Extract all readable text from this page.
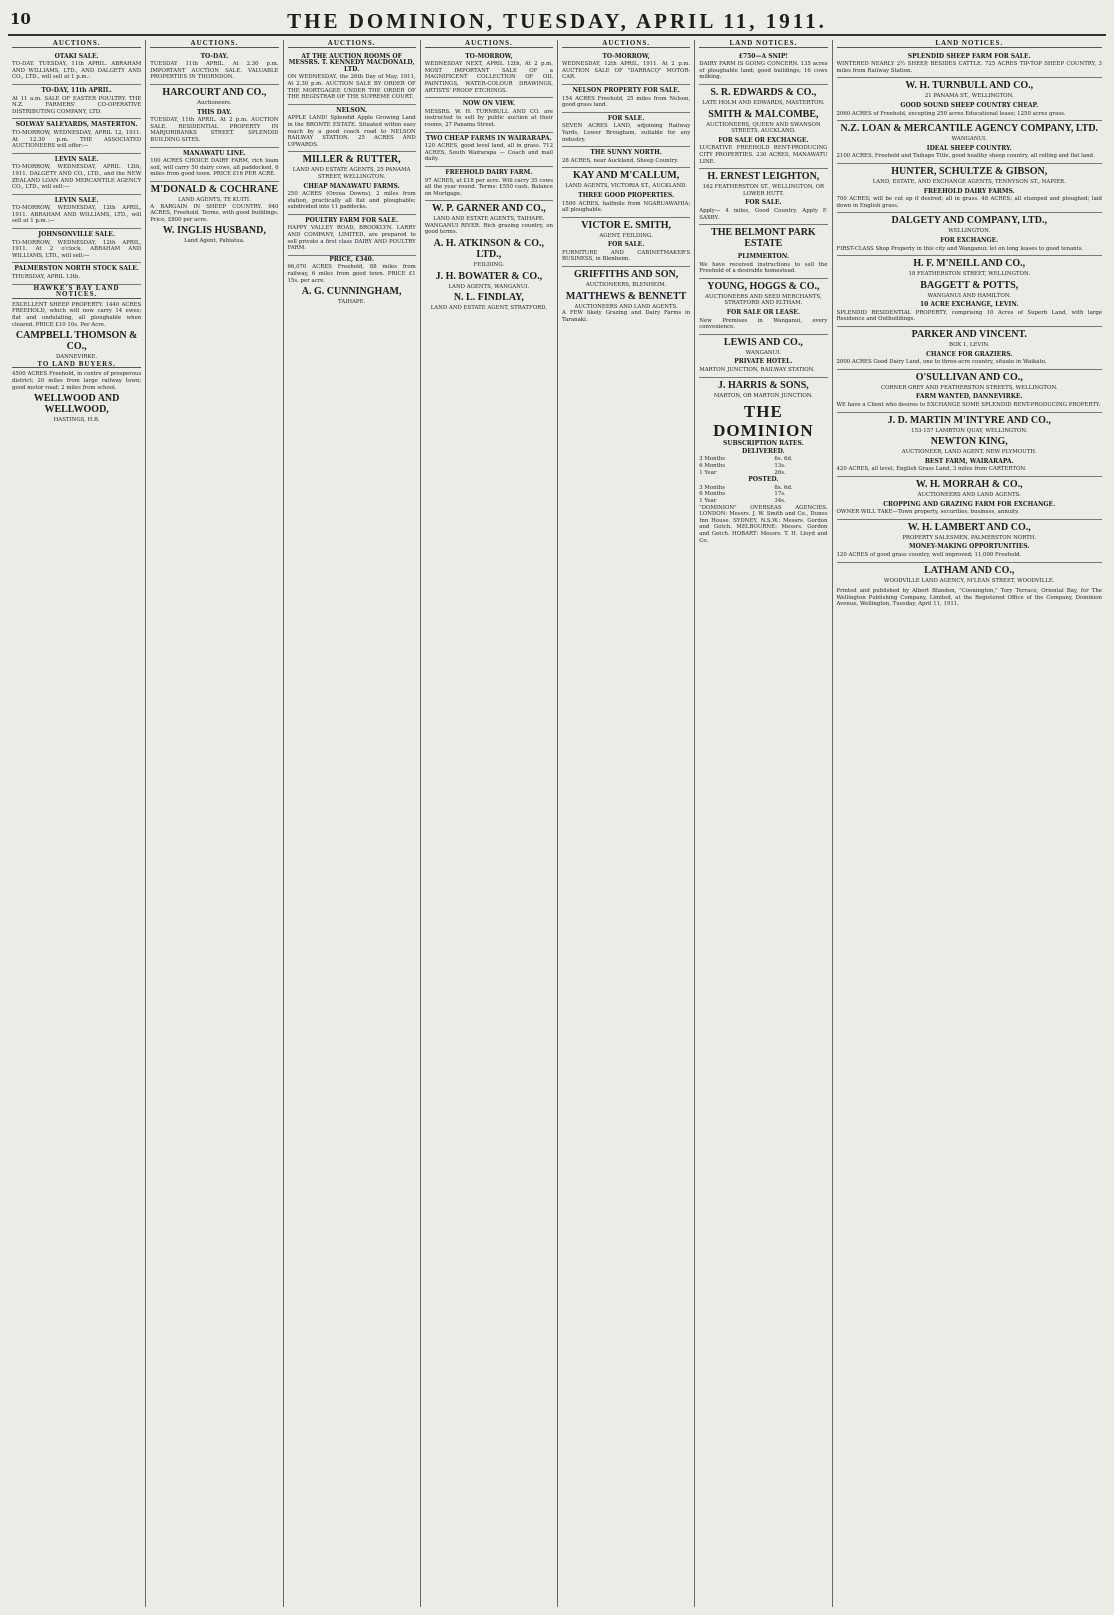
10	THE DOMINION, TUESDAY, APRIL 11, 1911.
AUCTIONS.
OTAKI SALE.
TO-DAY. TUESDAY, 11th APRIL. ABRAHAM AND WILLIAMS, LTD., AND DALGETY AND CO., LTD., will sell at 1 p.m.:
TO-DAY, 11th APRIL.
At 11 a.m. SALE OF EASTER POULTRY. THE N.Z. FARMERS' CO-OPERATIVE DISTRIBUTING COMPANY, LTD.
SOLWAY SALEYARDS, MASTERTON.
TO-MORROW, WEDNESDAY, APRIL 12, 1911. At 12.30 p.m. THE ASSOCIATED AUCTIONEERS will offer:—
LEVIN SALE.
TO-MORROW, WEDNESDAY, APRIL 12th, 1911. DALGETY AND CO., LTD., and the NEW ZEALAND LOAN AND MERCANTILE AGENCY CO., LTD., will sell:—
LEVIN SALE.
TO-MORROW, WEDNESDAY, 12th APRIL, 1911. ABRAHAM AND WILLIAMS, LTD., will sell at 1 p.m.:—
JOHNSONVILLE SALE.
TO-MORROW, WEDNESDAY, 12th APRIL, 1911. At 2 o'clock. ABRAHAM AND WILLIAMS, LTD., will sell:—
PALMERSTON NORTH STOCK SALE.
THURSDAY, APRIL 13th.
HAWKE'S BAY LAND NOTICES.
EXCELLENT SHEEP PROPERTY. 1440 ACRES FREEHOLD, which will now carry 14 ewes; flat and undulating, all ploughable when cleared. PRICE £10 10s. Per Acre.
CAMPBELL THOMSON & CO.,
DANNEVIRKE.
TO LAND BUYERS.
4500 ACRES Freehold, in centre of prosperous district; 20 miles from large railway town; good motor road; 2 miles from school.
WELLWOOD AND WELLWOOD,
HASTINGS, H.B.
AUCTIONS.
TO-DAY.
TUESDAY 11th APRIL. At 2.30 p.m. IMPORTANT AUCTION SALE. VALUABLE PROPERTIES IN THORNDON.
HARCOURT AND CO.,
Auctioneers.
THIS DAY.
TUESDAY, 11th APRIL. At 2 p.m. AUCTION SALE. RESIDENTIAL PROPERTY IN MARJORIBANKS STREET. SPLENDID BUILDING SITES.
MANAWATU LINE.
100 ACRES CHOICE DAIRY FARM, rich loam soil, will carry 50 dairy cows, all paddocked, 6 miles from good town. PRICE £16 PER ACRE.
M'DONALD & COCHRANE
LAND AGENTS, TE KUITI.
A BARGAIN IN SHEEP COUNTRY. 940 ACRES, Freehold. Terms, with good buildings. Price, £800 per acre.
W. INGLIS HUSBAND,
Land Agent, Pahiatua.
AUCTIONS.
AT THE AUCTION ROOMS OF MESSRS. T. KENNEDY MACDONALD, LTD.
ON WEDNESDAY, the 26th Day of May, 1911, At 2.30 p.m. AUCTION SALE BY ORDER OF THE MORTGAGEE UNDER THE ORDER OF THE REGISTRAR OF THE SUPREME COURT.
NELSON.
APPLE LAND! Splendid Apple Growing Land in the BRONTE ESTATE. Situated within easy reach by a good coach road to NELSON RAILWAY STATION. 25 ACRES AND UPWARDS.
MILLER & RUTTER,
LAND AND ESTATE AGENTS, 25 PANAMA STREET, WELLINGTON.
CHEAP MANAWATU FARMS.
250 ACRES (Oroua Downs), 2 miles from station, practically all flat and ploughable; subdivided into 11 paddocks.
POULTRY FARM FOR SALE.
HAPPY VALLEY ROAD, BROOKLYN. LARRY AND COMPANY, LIMITED, are prepared to sell private a first class DAIRY AND POULTRY FARM.
PRICE, £340.
66,070 ACRES Freehold, 88 miles from railway, 6 miles from good town. PRICE £1 15s. per acre.
A. G. CUNNINGHAM,
TAIHAPE.
AUCTIONS.
TO-MORROW,
WEDNESDAY NEXT, APRIL 12th, At 2 p.m. MOST IMPORTANT SALE OF a MAGNIFICENT COLLECTION OF OIL PAINTINGS, WATER-COLOUR DRAWINGS, ARTISTS' PROOF ETCHINGS.
NOW ON VIEW.
MESSRS. W. H. TURNBULL AND CO. are instructed to sell by public auction at their rooms, 27 Panama Street.
TWO CHEAP FARMS IN WAIRARAPA.
120 ACRES, good level land, all in grass. 712 ACRES, South Wairarapa — Coach and mail daily.
FREEHOLD DAIRY FARM.
97 ACRES, at £18 per acre. Will carry 35 cows all the year round. Terms: £550 cash. Balance on Mortgage.
W. P. GARNER AND CO.,
LAND AND ESTATE AGENTS, TAIHAPE.
WANGANUI RIVER. Rich grazing country, on good terms.
A. H. ATKINSON & CO., LTD.,
FEILDING.
J. H. BOWATER & CO.,
LAND AGENTS, WANGANUI.
N. L. FINDLAY,
LAND AND ESTATE AGENT, STRATFORD.
AUCTIONS.
TO-MORROW,
WEDNESDAY, 12th APRIL, 1911. At 2 p.m. AUCTION SALE OF "DARRACQ" MOTOR-CAR.
NELSON PROPERTY FOR SALE.
154 ACRES Freehold, 25 miles from Nelson, good grass land.
FOR SALE.
SEVEN ACRES LAND, adjoining Railway Yards, Lower Brougham, suitable for any industry.
THE SUNNY NORTH.
28 ACRES, near Auckland, Sheep Country.
KAY AND M'CALLUM,
LAND AGENTS, VICTORIA ST., AUCKLAND.
THREE GOOD PROPERTIES.
1500 ACRES, halfmile from NGARUAWAHIA; all ploughable.
VICTOR E. SMITH,
AGENT, FEILDING.
FOR SALE.
FURNITURE AND CABINETMAKER'S BUSINESS, in Blenheim.
GRIFFITHS AND SON,
AUCTIONEERS, BLENHEIM.
MATTHEWS & BENNETT
AUCTIONEERS AND LAND AGENTS.
A FEW likely Grazing and Dairy Farms in Taranaki.
LAND NOTICES.
£750—A SNIP!
DAIRY FARM IS GOING CONCERN. 135 acres of ploughable land; good buildings; 16 cows milking.
S. R. EDWARDS & CO.,
LATE HOLM AND EDWARDS, MASTERTON.
SMITH & MALCOMBE,
AUCTIONEERS, QUEEN AND SWANSON STREETS, AUCKLAND.
FOR SALE OR EXCHANGE.
LUCRATIVE FREEHOLD RENT-PRODUCING CITY PROPERTIES. 230 ACRES, MANAWATU LINE.
H. ERNEST LEIGHTON,
162 FEATHERSTON ST., WELLINGTON, OR LOWER HUTT.
FOR SALE.
Apply— 4 miles, Good Country. Apply F. SAXBY.
THE BELMONT PARK ESTATE
PLIMMERTON.
We have received instructions to sell the Freehold of a desirable homestead.
YOUNG, HOGGS & CO.,
AUCTIONEERS AND SEED MERCHANTS, STRATFORD AND ELTHAM.
FOR SALE OR LEASE.
New Premises in Wanganui, every convenience.
LEWIS AND CO.,
WANGANUI.
PRIVATE HOTEL.
MARTON JUNCTION, RAILWAY STATION.
J. HARRIS & SONS,
MARTON, OR MARTON JUNCTION.
THE DOMINION
SUBSCRIPTION RATES.
DELIVERED.
3 Months	6s. 6d.
6 Months	13s.
1 Year	26s.
POSTED.
3 Months	8s. 6d.
6 Months	17s.
1 Year	34s.
"DOMINION" OVERSEAS AGENCIES. LONDON: Messrs. J. W. Smith and Co., Dunes Inn House. SYDNEY, N.S.W.: Messrs. Gordon and Gotch. MELBOURNE: Messrs. Gordon and Gotch. HOBART: Messrs. T. H. Lloyd and Co.
LAND NOTICES.
SPLENDID SHEEP FARM FOR SALE.
WINTERED NEARLY 2½ SHEEP, BESIDES CATTLE. 725 ACRES TIP-TOP SHEEP COUNTRY, 3 miles from Railway Station.
W. H. TURNBULL AND CO.,
21 PANAMA ST., WELLINGTON.
GOOD SOUND SHEEP COUNTRY CHEAP.
2060 ACRES of Freehold, excepting 250 acres Educational lease; 1250 acres grass.
N.Z. LOAN & MERCANTILE AGENCY COMPANY, LTD.
WANGANUI.
IDEAL SHEEP COUNTRY.
2100 ACRES, Freehold and Taihape Title, good healthy sheep country, all rolling and flat land.
HUNTER, SCHULTZE & GIBSON,
LAND, ESTATE, AND EXCHANGE AGENTS, TENNYSON ST., NAPIER.
FREEHOLD DAIRY FARMS.
700 ACRES; will be cut up if desired; all in grass. 48 ACRES; all stumped and ploughed; laid down in English grass.
DALGETY AND COMPANY, LTD.,
WELLINGTON.
FOR EXCHANGE.
FIRST-CLASS Shop Property in this city and Wanganui; let on long leases to good tenants.
H. F. M'NEILL AND CO.,
18 FEATHERSTON STREET, WELLINGTON.
BAGGETT & POTTS,
WANGANUI AND HAMILTON.
10 ACRE EXCHANGE, LEVIN.
SPLENDID RESIDENTIAL PROPERTY, comprising 10 Acres of Superb Land, with large Residence and Outbuildings.
PARKER AND VINCENT.
BOX 1, LEVIN.
CHANCE FOR GRAZIERS.
2000 ACRES Good Dairy Land, one to three-acre country, situate in Waikato.
O'SULLIVAN AND CO.,
CORNER GREY AND FEATHERSTON STREETS, WELLINGTON.
FARM WANTED, DANNEVIRKE.
WE have a Client who desires to EXCHANGE SOME SPLENDID RENT-PRODUCING PROPERTY.
J. D. MARTIN M'INTYRE AND CO.,
153-157 LAMBTON QUAY, WELLINGTON.
NEWTON KING,
AUCTIONEER, LAND AGENT, NEW PLYMOUTH.
BEST FARM, WAIRARAPA.
420 ACRES, all level, English Grass Land, 3 miles from CARTERTON.
W. H. MORRAH & CO.,
AUCTIONEERS AND LAND AGENTS.
CROPPING AND GRAZING FARM FOR EXCHANGE.
OWNER WILL TAKE—Town property, securities, business, annuity.
W. H. LAMBERT AND CO.,
PROPERTY SALESMEN, PALMERSTON NORTH.
MONEY-MAKING OPPORTUNITIES.
120 ACRES of good grass country, well improved; 11,000 Freehold.
LATHAM AND CO.,
WOODVILLE LAND AGENCY, M'LEAN STREET, WOODVILLE.
Printed and published by Albert Blandon, "Coonington," Tory Terrace, Oriental Bay, for The Wellington Publishing Company, Limited, at the Registered Office of the Company, Dominion Avenue, Wellington, Tuesday, April 11, 1911.
